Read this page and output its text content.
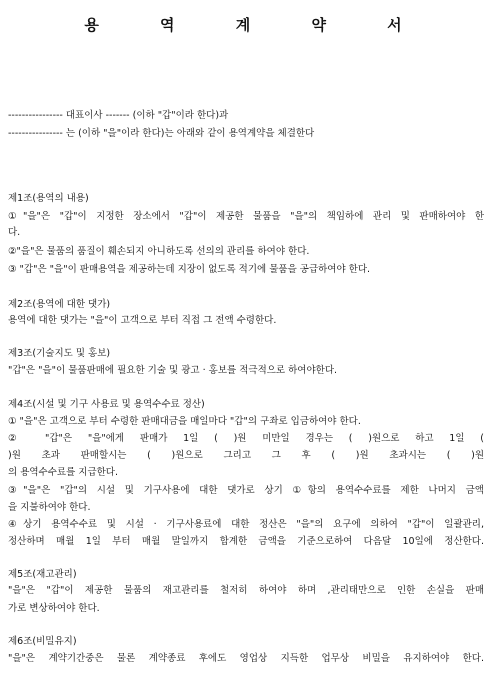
용 역 계 약 서
---------------- 대표이사 ------- (이하 "갑"이라 한다)과
---------------- 는 (이하 "을"이라 한다)는 아래와 같이 용역계약을 체결한다
제1조(용역의 내용)
①"을"은 "갑"이 지정한 장소에서 "갑"이 제공한 물품을 "을"의 책임하에 관리 및 판매하여야 한
다.
②"을"은 물품의 품질이 훼손되지 아니하도록 선의의 관리를 하여야 한다.
③ "갑"은 "을"이 판매용역을 제공하는데 지장이 없도록 적기에 물품을 공급하여야 한다.
제2조(용역에 대한 댓가)
용역에 대한 댓가는 "을"이 고객으로 부터 직접 그 전액 수령한다.
제3조(기술지도 및 홍보)
"갑"은 "을"이 물품판매에 필요한 기술 및 광고 · 홍보를 적극적으로 하여야한다.
제4조(시설 및 기구 사용료 및 용역수수료 정산)
① "을"은 고객으로 부터 수령한 판매대금을 매일마다 "갑"의 구좌로 입금하여야 한다.
② "갑"은 "을"에게 판매가 1일 ( )원 미만일 경우는 ( )원으로 하고 1일 (
)원 초과 판매할시는 ( )원으로 그리고 그 후 ( )원 초과시는 ( )원
의 용역수수료를 지급한다.
③"을"은 "갑"의 시설 및 기구사용에 대한 댓가로 상기 ①항의 용역수수료를 제한 나머지 금액
을 지불하여야 한다.
④상기 용역수수료 및 시설 · 기구사용료에 대한 정산은 "을"의 요구에 의하여 "갑"이 일괄관리,
정산하며 매월 1일 부터 매월 말일까지 합계한 금액을 기준으로하여 다음달 10일에 정산한다.
제5조(재고관리)
"을"은 "갑"이 제공한 물품의 재고관리를 철저히 하여야 하며 ,관리태만으로 인한 손실을 판매
가로 변상하여야 한다.
제6조(비밀유지)
"을"은 계약기간중은 물론 계약종료 후에도 영업상 지득한 업무상 비밀을 유지하여야 한다.
